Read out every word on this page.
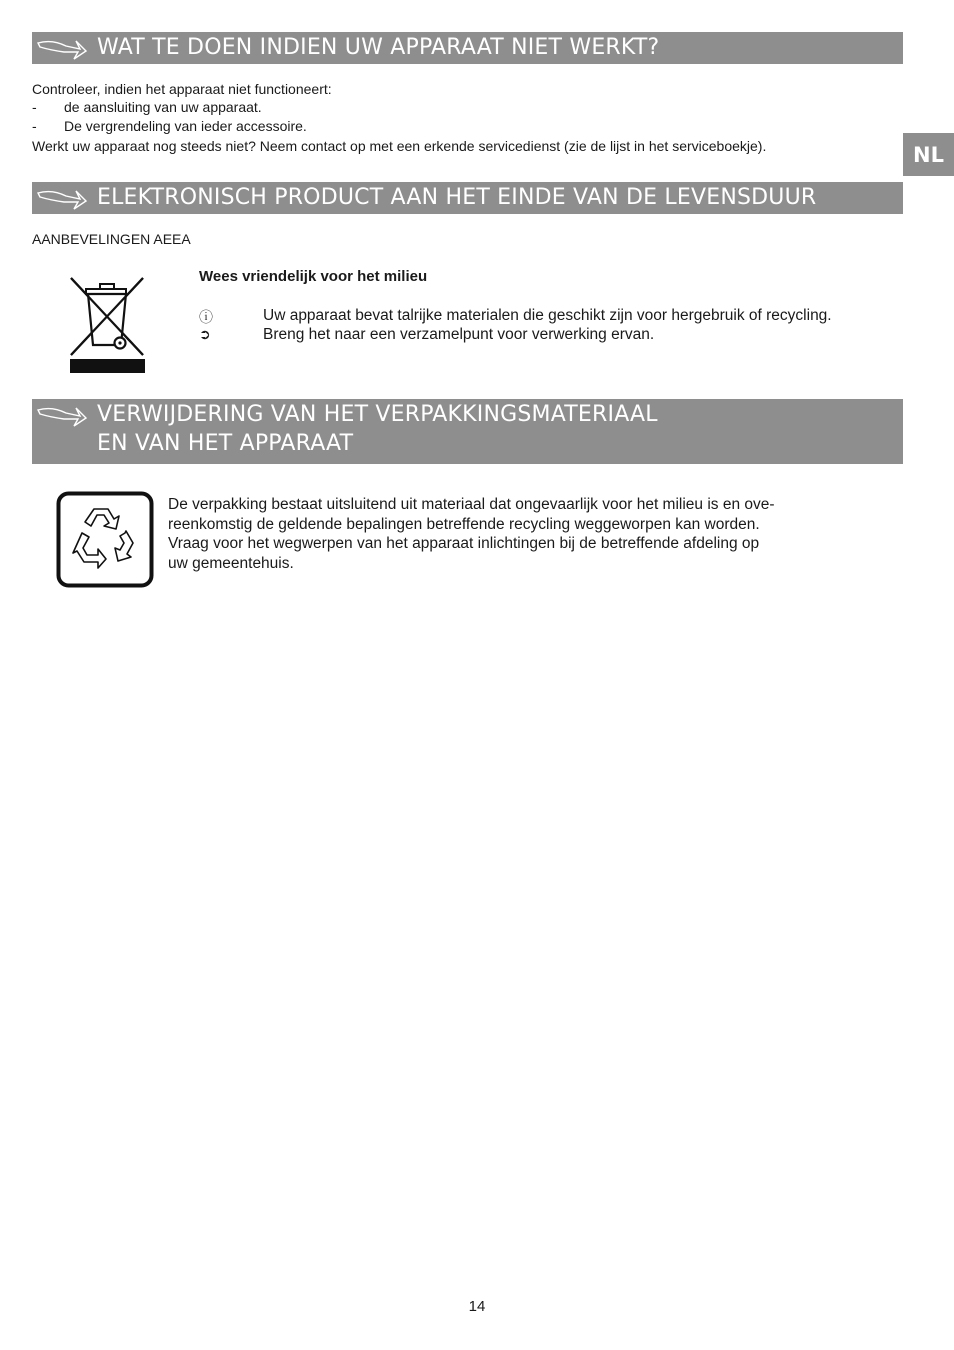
WAT TE DOEN INDIEN UW APPARAAT NIET WERKT?

Controleer, indien het apparaat niet functioneert:

- de aansluiting van uw apparaat.
- De vergrendeling van ieder accessoire.

Werkt uw apparaat nog steeds niet? Neem contact op met een erkende servicedienst (zie de lijst in het serviceboekje).	NL
ELEKTRONISCH PRODUCT AAN HET EINDE VAN DE LEVENSDUUR

AANBEVELINGEN AEEA

Wees vriendelijk voor het milieu

ⓘ	Uw apparaat bevat talrijke materialen die geschikt zijn voor hergebruik of recycling.
➲	Breng het naar een verzamelpunt voor verwerking ervan.
VERWIJDERING VAN HET VERPAKKINGSMATERIAAL
EN VAN HET APPARAAT
De verpakking bestaat uitsluitend uit materiaal dat ongevaarlijk voor het milieu is en ove-
reenkomstig de geldende bepalingen betreffende recycling weggeworpen kan worden.
Vraag voor het wegwerpen van het apparaat inlichtingen bij de betreffende afdeling op
uw gemeentehuis.
14
